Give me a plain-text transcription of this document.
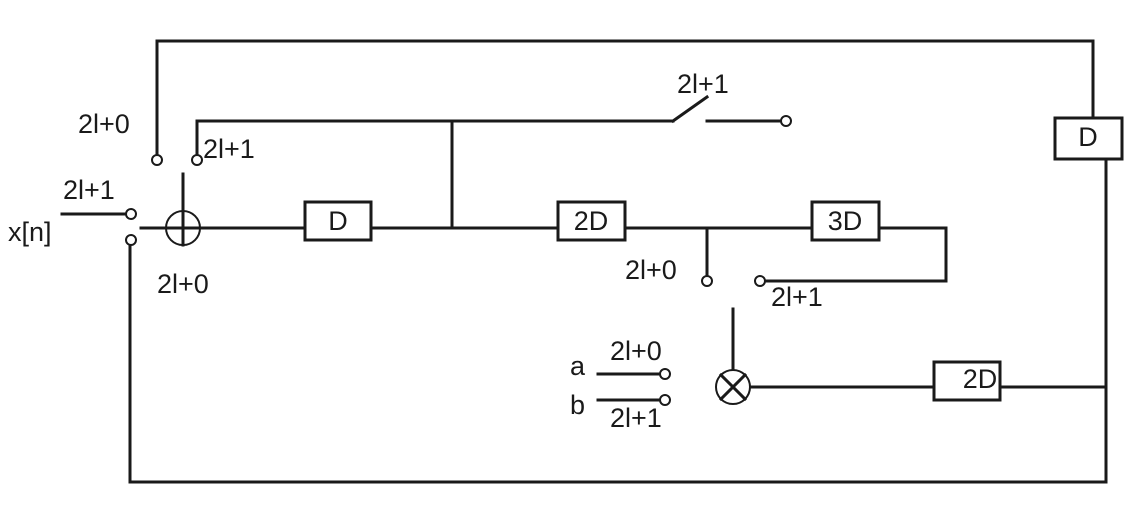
D	2D	3D
2D
D
x[n]
2l+1
2l+0
2l+0
2l+1
2l+1
2l+0
2l+1
2l+0
2l+1
a
b
